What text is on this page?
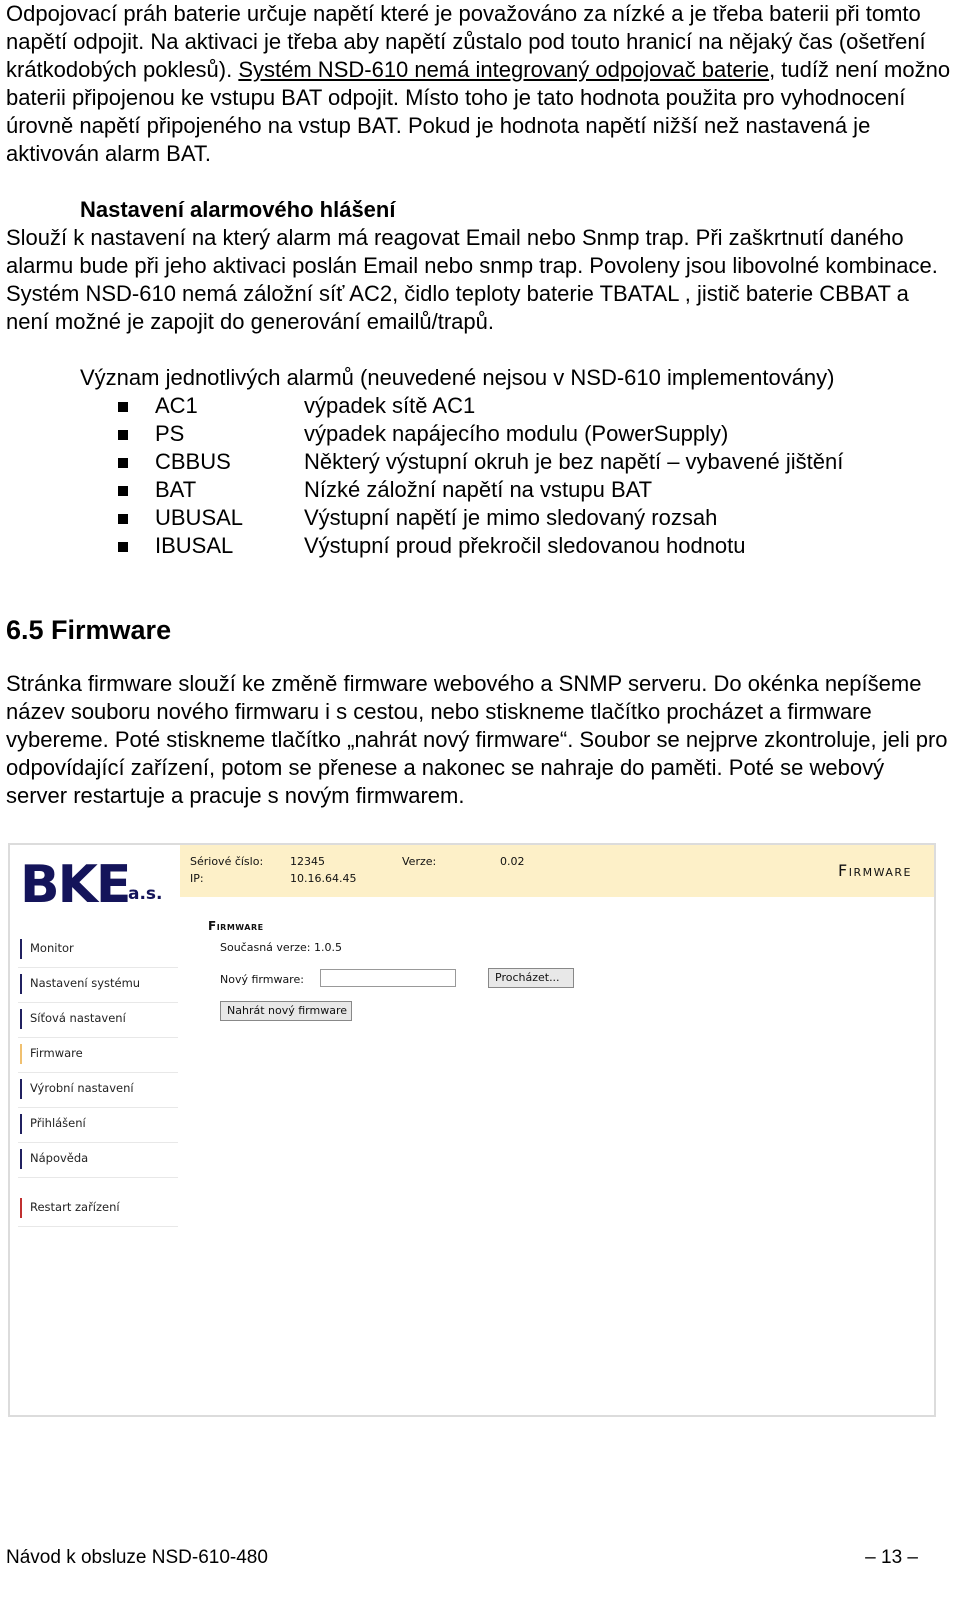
Odpojovací práh baterie určuje napětí které je považováno za nízké a je třeba baterii při tomto napětí odpojit. Na aktivaci je třeba aby napětí zůstalo pod touto hranicí na nějaký čas (ošetření krátkodobých poklesů). Systém NSD-610 nemá integrovaný odpojovač baterie, tudíž není možno baterii připojenou ke vstupu BAT odpojit. Místo toho je tato hodnota použita pro vyhodnocení úrovně napětí připojeného na vstup BAT. Pokud je hodnota napětí nižší než nastavená je aktivován alarm BAT.
Nastavení alarmového hlášení
Slouží k nastavení na který alarm má reagovat Email nebo Snmp trap. Při zaškrtnutí daného alarmu bude při jeho aktivaci poslán Email nebo snmp trap. Povoleny jsou libovolné kombinace. Systém NSD-610 nemá záložní síť AC2, čidlo teploty baterie TBATAL , jistič baterie CBBAT a není možné je zapojit do generování emailů/trapů.
Význam jednotlivých alarmů (neuvedené nejsou v NSD-610 implementovány)
AC1	výpadek sítě AC1
PS	výpadek napájecího modulu (PowerSupply)
CBBUS	Některý výstupní okruh je bez napětí – vybavené jištění
BAT	Nízké záložní napětí na vstupu BAT
UBUSAL	Výstupní napětí je mimo sledovaný rozsah
IBUSAL	Výstupní proud překročil sledovanou hodnotu
6.5 Firmware
Stránka firmware slouží ke změně firmware webového a SNMP serveru. Do okénka nepíšeme název souboru nového firmwaru i s cestou, nebo stiskneme tlačítko procházet a firmware vybereme. Poté stiskneme tlačítko „nahrát nový firmware“. Soubor se nejprve zkontroluje, jeli pro odpovídající zařízení, potom se přenese a nakonec se nahraje do paměti. Poté se webový server restartuje a pracuje s novým firmwarem.
BKE
a.s.
Sériové číslo: 12345	Verze:	0.02
IP:	10.16.64.45	Firmware
Monitor
Nastavení systému
Síťová nastavení
Firmware
Výrobní nastavení
Přihlášení
Nápověda
Restart zařízení
Firmware
Současná verze: 1.0.5
Nový firmware:	Procházet...
Nahrát nový firmware
Návod k obsluze NSD-610-480	– 13 –
